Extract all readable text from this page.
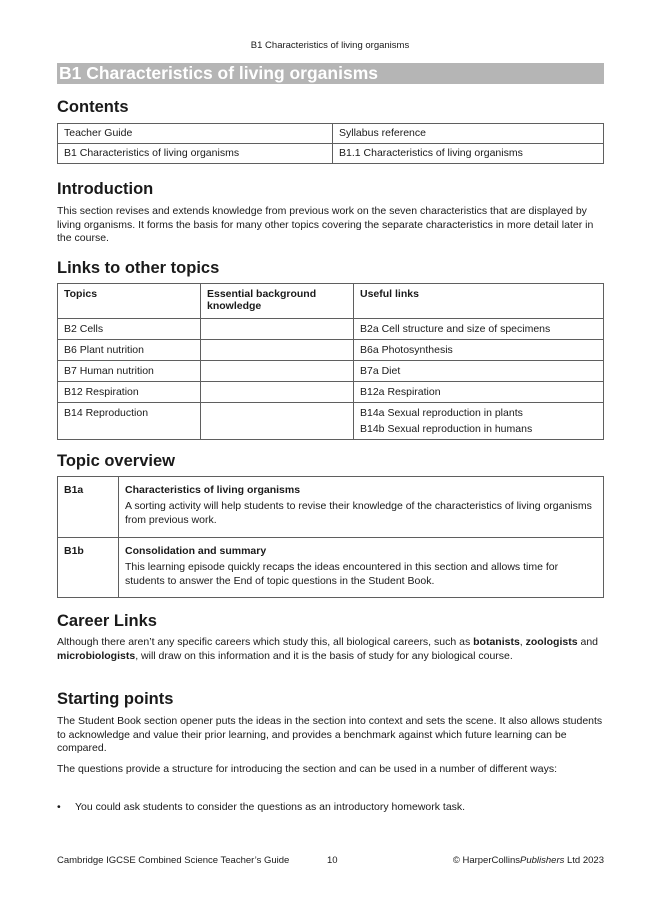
B1 Characteristics of living organisms
B1 Characteristics of living organisms
Contents
Teacher Guide	Syllabus reference
B1 Characteristics of living organisms	B1.1 Characteristics of living organisms
Introduction

This section revises and extends knowledge from previous work on the seven characteristics that are displayed by living organisms. It forms the basis for many other topics covering the separate characteristics in more detail later in the course.

Links to other topics
Topics	Essential background knowledge	Useful links
B2 Cells		B2a Cell structure and size of specimens
B6 Plant nutrition		B6a Photosynthesis
B7 Human nutrition		B7a Diet
B12 Respiration		B12a Respiration
B14 Reproduction		B14a Sexual reproduction in plants
B14b Sexual reproduction in humans
Topic overview
B1a	Characteristics of living organisms
A sorting activity will help students to revise their knowledge of the characteristics of living organisms from previous work.

B1b	Consolidation and summary
This learning episode quickly recaps the ideas encountered in this section and allows time for students to answer the End of topic questions in the Student Book.
Career Links

Although there aren’t any specific careers which study this, all biological careers, such as botanists, zoologists and microbiologists, will draw on this information and it is the basis of study for any biological course.

Starting points

The Student Book section opener puts the ideas in the section into context and sets the scene. It also allows students to acknowledge and value their prior learning, and provides a benchmark against which future learning can be compared.

The questions provide a structure for introducing the section and can be used in a number of different ways:

• You could ask students to consider the questions as an introductory homework task.
Cambridge IGCSE Combined Science Teacher’s Guide	10	© HarperCollinsPublishers Ltd 2023
